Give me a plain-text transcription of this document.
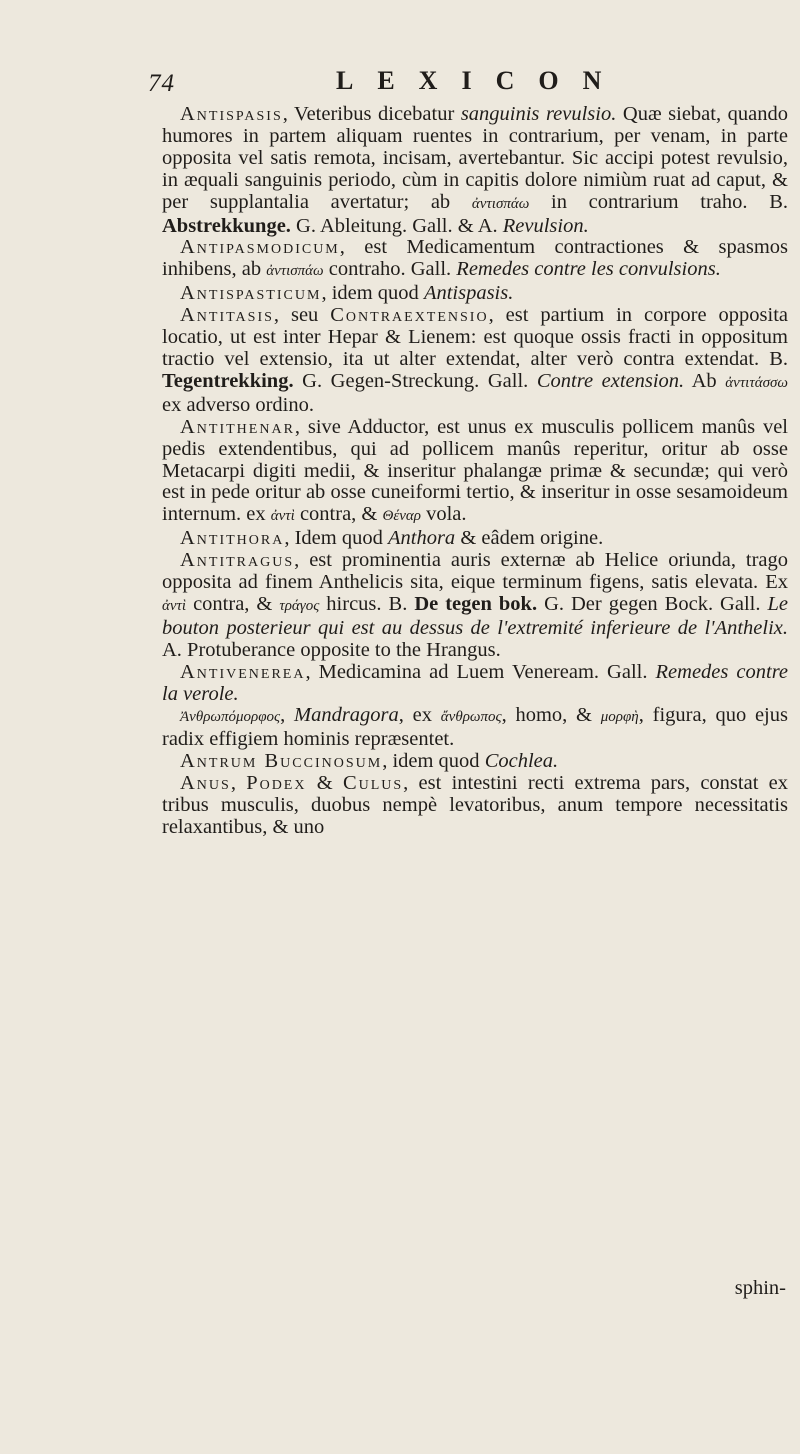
74	LEXICON

Antispasis, Veteribus dicebatur sanguinis revulsio. Quæ siebat, quando humores in partem aliquam ruentes in contrarium, per venam, in parte opposita vel satis remota, incisam, avertebantur. Sic accipi potest revulsio, in æquali sanguinis periodo, cùm in capitis dolore nimiùm ruat ad caput, & per supplantalia avertatur; ab ἀντισπάω in contrarium traho. B. Abstrekkunge. G. Ableitung. Gall. & A. Revulsion.

Antipasmodicum, est Medicamentum contractiones & spasmos inhibens, ab ἀντισπάω contraho. Gall. Remedes contre les convulsions.

Antispasticum, idem quod Antispasis.

Antitasis, seu Contraextensio, est partium in corpore opposita locatio, ut est inter Hepar & Lienem: est quoque ossis fracti in oppositum tractio vel extensio, ita ut alter extendat, alter verò contra extendat. B. Tegentrekking. G. Gegen-Streckung. Gall. Contre extension. Ab ἀντιτάσσω ex adverso ordino.

Antithenar, sive Adductor, est unus ex musculis pollicem manûs vel pedis extendentibus, qui ad pollicem manûs reperitur, oritur ab osse Metacarpi digiti medii, & inseritur phalangæ primæ & secundæ; qui verò est in pede oritur ab osse cuneiformi tertio, & inseritur in osse sesamoideum internum. ex ἀντὶ contra, & Θέναρ vola.

Antithora, Idem quod Anthora & eâdem origine.

Antitragus, est prominentia auris externæ ab Helice oriunda, trago opposita ad finem Anthelicis sita, eique terminum figens, satis elevata. Ex ἀντὶ contra, & τράγος hircus. B. De tegen bok. G. Der gegen Bock. Gall. Le bouton posterieur qui est au dessus de l'extremité inferieure de l'Anthelix. A. Protuberance opposite to the Hrangus.

Antivenerea, Medicamina ad Luem Veneream. Gall. Remedes contre la verole.

Ἀνθρωπόμορφος, Mandragora, ex ἄνθρωπος, homo, & μορφὴ, figura, quo ejus radix effigiem hominis repræsentet.

Antrum Buccinosum, idem quod Cochlea.

Anus, Podex & Culus, est intestini recti extrema pars, constat ex tribus musculis, duobus nempè levatoribus, anum tempore necessitatis relaxantibus, & uno

sphin-
